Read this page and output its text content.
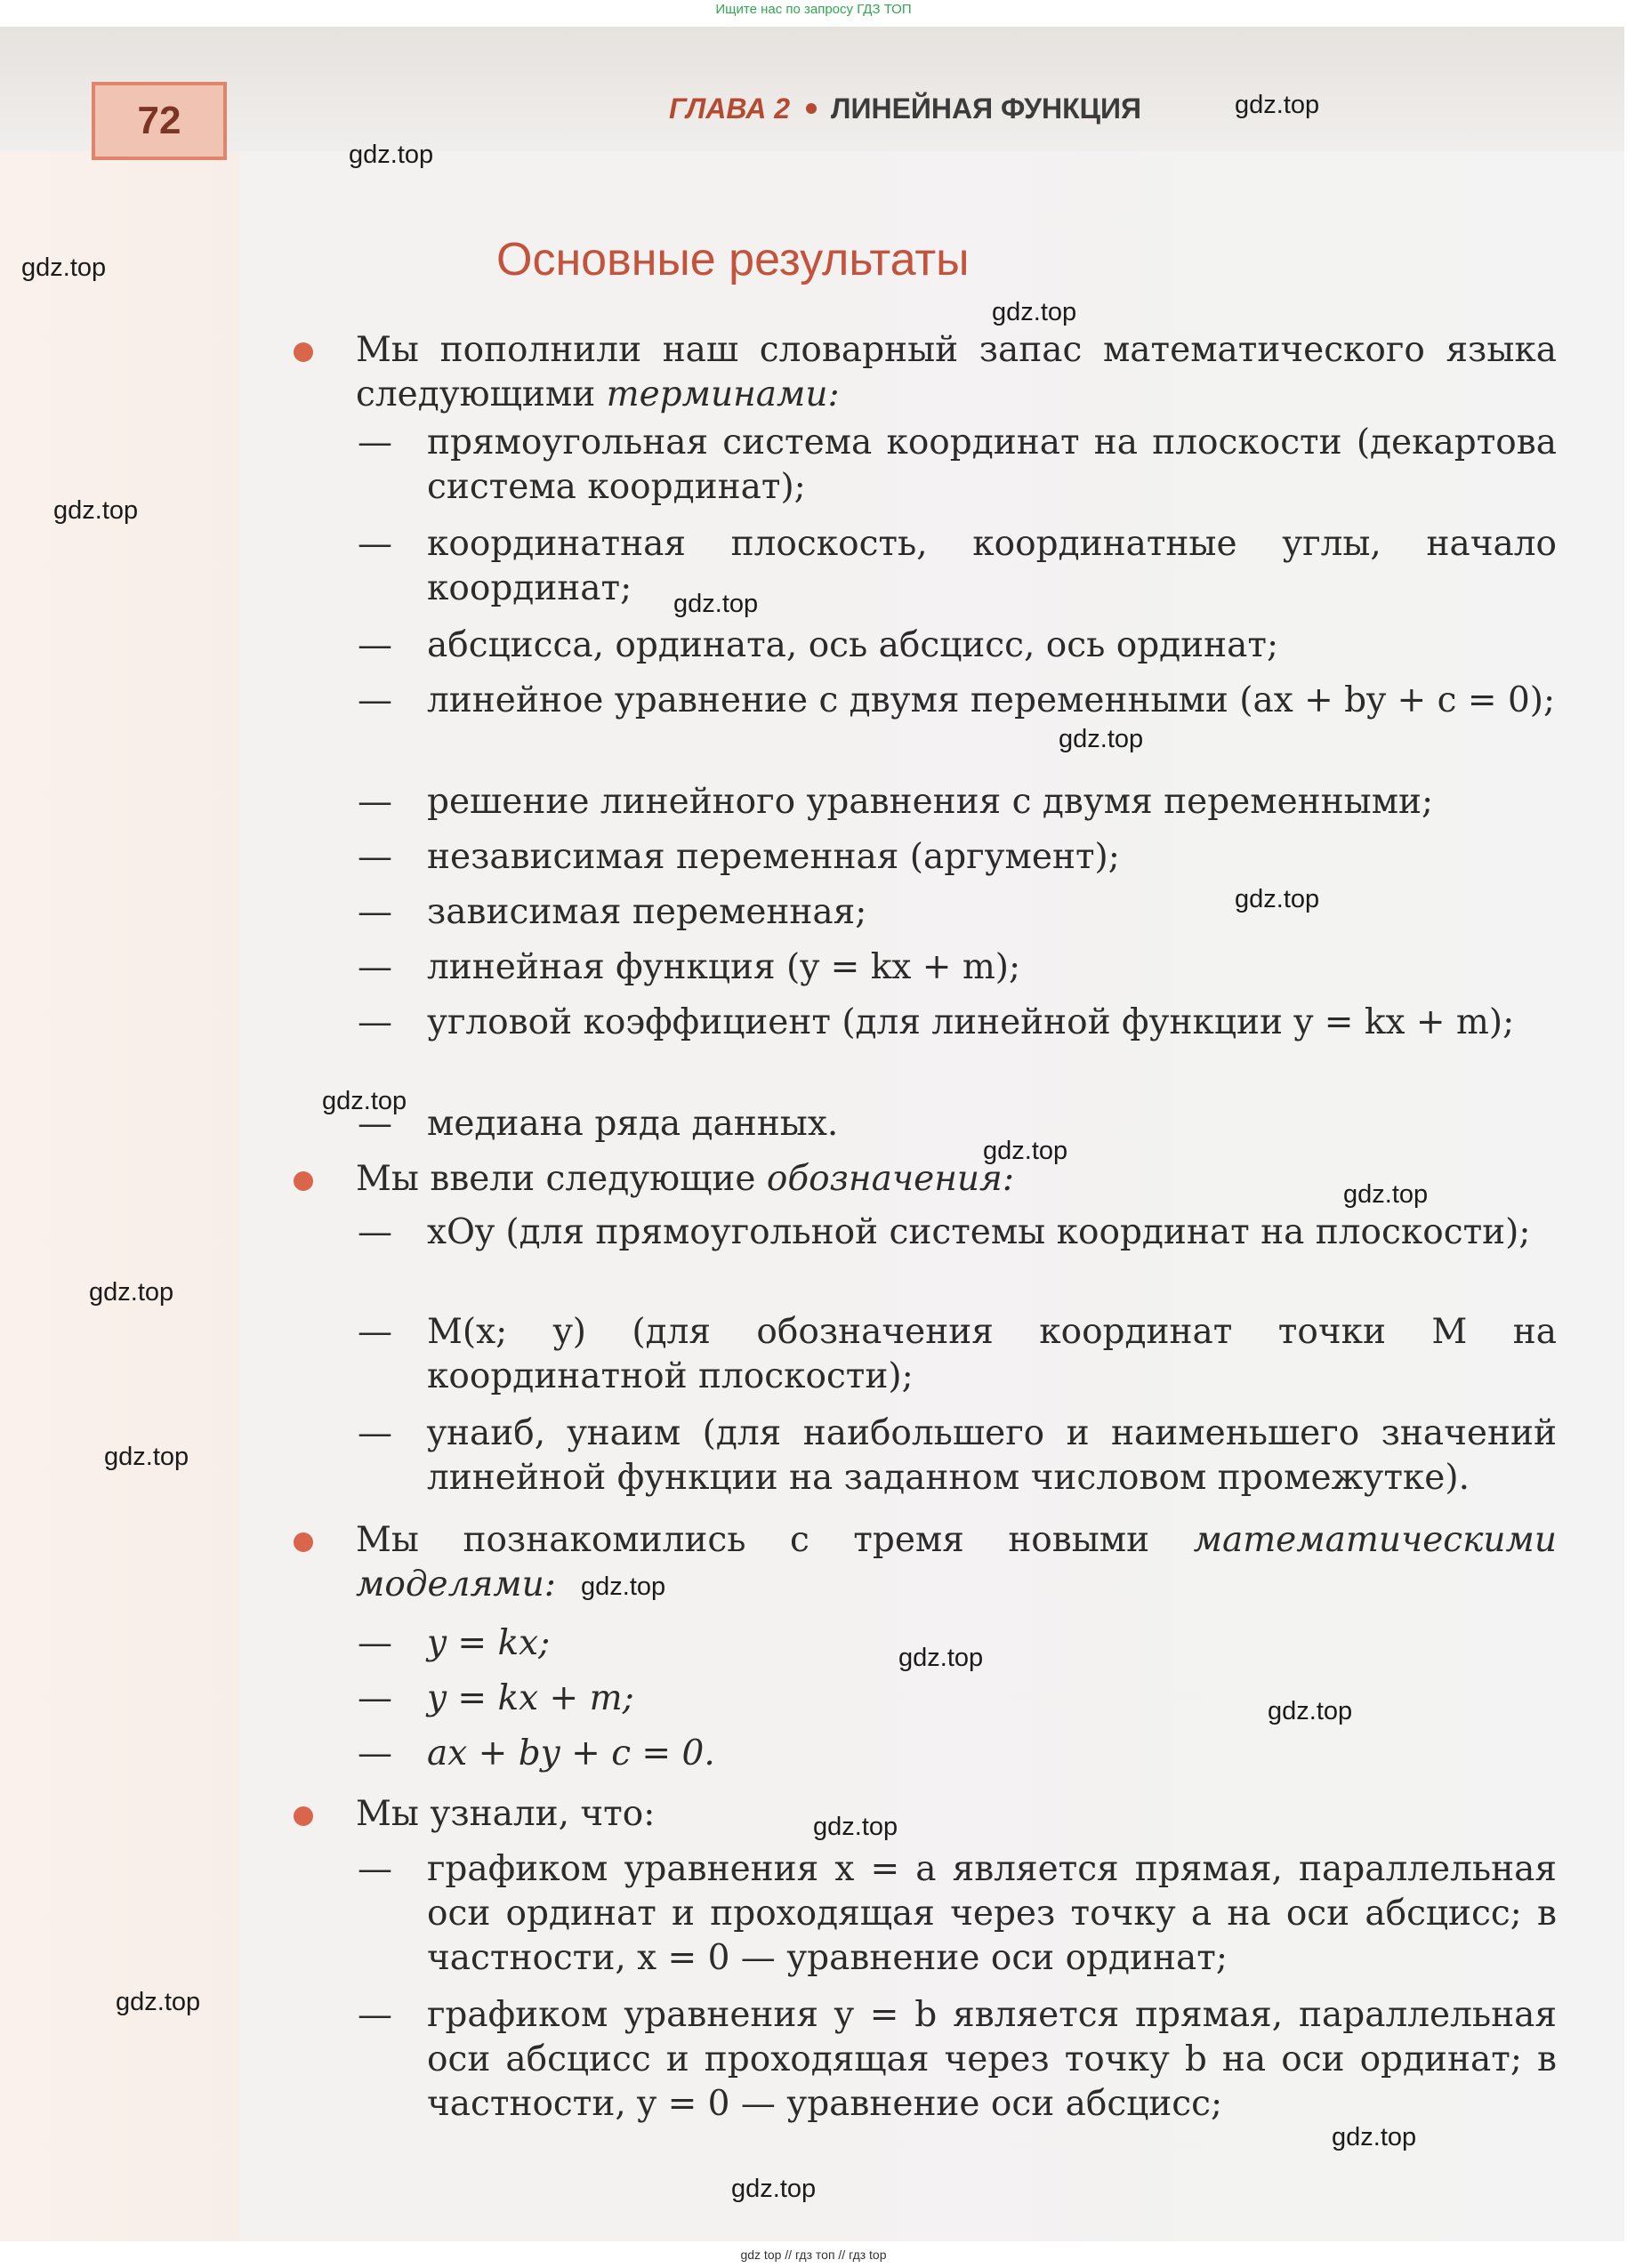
Ищите нас по запросу ГДЗ ТОП
72	ГЛАВА 2 ЛИНЕЙНАЯ ФУНКЦИЯ
Основные результаты
Мы пополнили наш словарный запас математического языка следующими терминами:
— прямоугольная система координат на плоскости (декартова система координат);
— координатная плоскость, координатные углы, начало координат;
— абсцисса, ордината, ось абсцисс, ось ординат;
— линейное уравнение с двумя переменными (ax + by + c = 0);
— решение линейного уравнения с двумя переменными;
— независимая переменная (аргумент);
— зависимая переменная;
— линейная функция (y = kx + m);
— угловой коэффициент (для линейной функции y = kx + m);
— медиана ряда данных.
Мы ввели следующие обозначения:
— xOy (для прямоугольной системы координат на плоскости);
— M(x; y) (для обозначения координат точки M на координатной плоскости);
— yнаиб, yнаим (для наибольшего и наименьшего значений линейной функции на заданном числовом промежутке).
Мы познакомились с тремя новыми математическими моделями:
— y = kx;
— y = kx + m;
— ax + by + c = 0.
Мы узнали, что:
— графиком уравнения x = a является прямая, параллельная оси ординат и проходящая через точку a на оси абсцисс; в частности, x = 0 — уравнение оси ординат;
— графиком уравнения y = b является прямая, параллельная оси абсцисс и проходящая через точку b на оси ординат; в частности, y = 0 — уравнение оси абсцисс;
gdz.top
gdz.top
gdz.top
gdz.top
gdz.top
gdz.top
gdz.top
gdz.top
gdz.top
gdz.top
gdz.top
gdz.top
gdz.top
gdz.top
gdz.top
gdz.top
gdz.top
gdz.top
gdz.top
gdz.top
gdz top // гдз топ // гдз top
